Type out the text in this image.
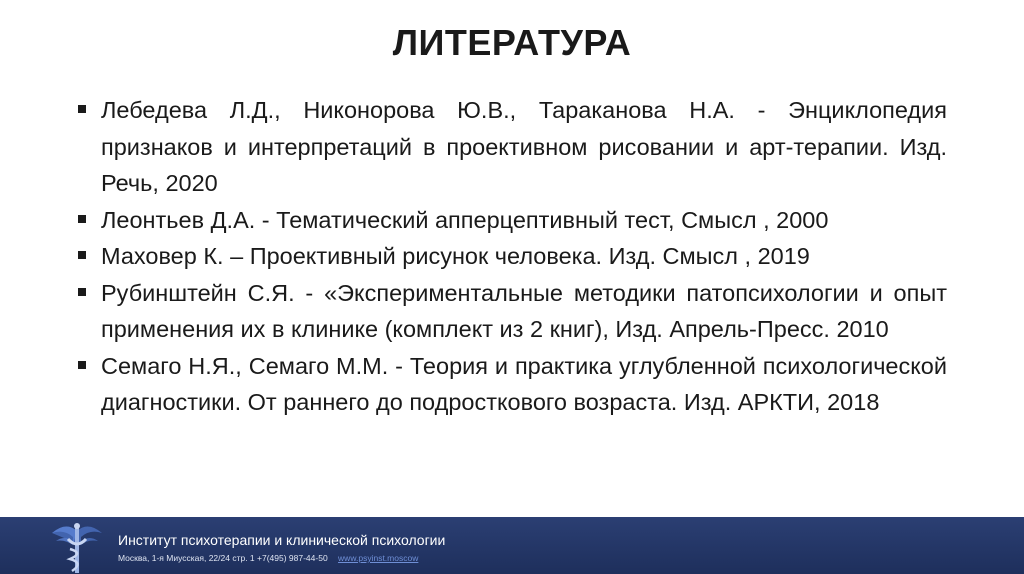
ЛИТЕРАТУРА
Лебедева Л.Д., Никонорова Ю.В., Тараканова Н.А. - Энциклопедия признаков и интерпретаций в проективном рисовании и арт-терапии. Изд. Речь, 2020
Леонтьев Д.А. - Тематический апперцептивный тест, Смысл , 2000
Маховер К. – Проективный рисунок человека. Изд. Смысл , 2019
Рубинштейн С.Я. - «Экспериментальные методики патопсихологии и опыт применения их в клинике (комплект из 2 книг), Изд. Апрель-Пресс. 2010
Семаго Н.Я., Семаго М.М. - Теория и практика углубленной психологической диагностики. От раннего до подросткового возраста. Изд. АРКТИ, 2018
Институт психотерапии и клинической психологии
Москва, 1-я Миусская, 22/24 стр. 1 +7(495) 987-44-50 www.psyinst.moscow
